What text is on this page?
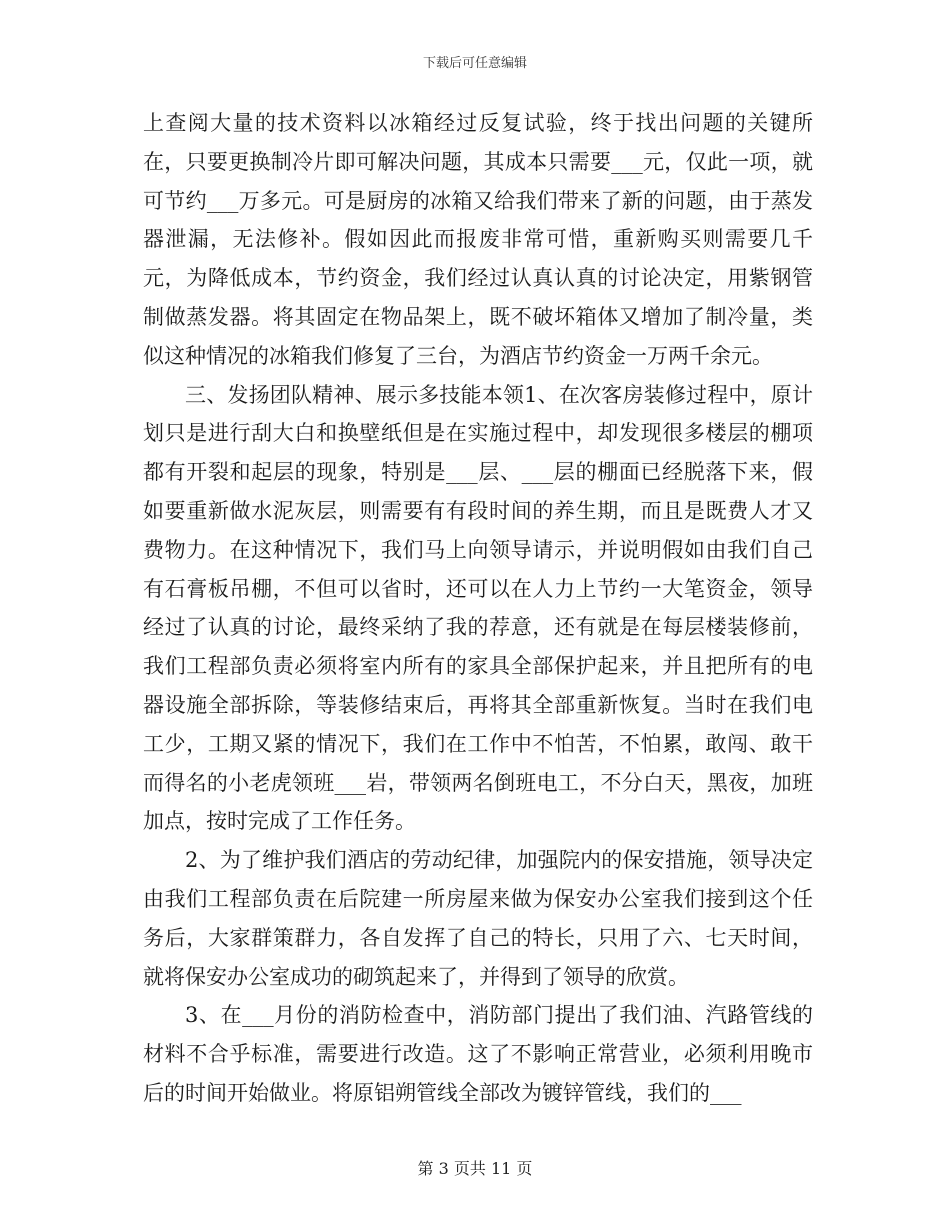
下载后可任意编辑

上查阅大量的技术资料以冰箱经过反复试验，终于找出问题的关键所在，只要更换制冷片即可解决问题，其成本只需要___元，仅此一项，就可节约___万多元。可是厨房的冰箱又给我们带来了新的问题，由于蒸发器泄漏，无法修补。假如因此而报废非常可惜，重新购买则需要几千元，为降低成本，节约资金，我们经过认真认真的讨论决定，用紫钢管制做蒸发器。将其固定在物品架上，既不破坏箱体又增加了制冷量，类似这种情况的冰箱我们修复了三台，为酒店节约资金一万两千余元。

三、发扬团队精神、展示多技能本领1、在次客房装修过程中，原计划只是进行刮大白和换壁纸但是在实施过程中，却发现很多楼层的棚项都有开裂和起层的现象，特别是___层、___层的棚面已经脱落下来，假如要重新做水泥灰层，则需要有有段时间的养生期，而且是既费人才又费物力。在这种情况下，我们马上向领导请示，并说明假如由我们自己有石膏板吊棚，不但可以省时，还可以在人力上节约一大笔资金，领导经过了认真的讨论，最终采纳了我的荐意，还有就是在每层楼装修前，我们工程部负责必须将室内所有的家具全部保护起来，并且把所有的电器设施全部拆除，等装修结束后，再将其全部重新恢复。当时在我们电工少，工期又紧的情况下，我们在工作中不怕苦，不怕累，敢闯、敢干而得名的小老虎领班___岩，带领两名倒班电工，不分白天，黑夜，加班加点，按时完成了工作任务。

2、为了维护我们酒店的劳动纪律，加强院内的保安措施，领导决定由我们工程部负责在后院建一所房屋来做为保安办公室我们接到这个任务后，大家群策群力，各自发挥了自己的特长，只用了六、七天时间，就将保安办公室成功的砌筑起来了，并得到了领导的欣赏。

3、在___月份的消防检查中，消防部门提出了我们油、汽路管线的材料不合乎标准，需要进行改造。这了不影响正常营业，必须利用晚市后的时间开始做业。将原铝朔管线全部改为镀锌管线，我们的___

第 3 页共 11 页
